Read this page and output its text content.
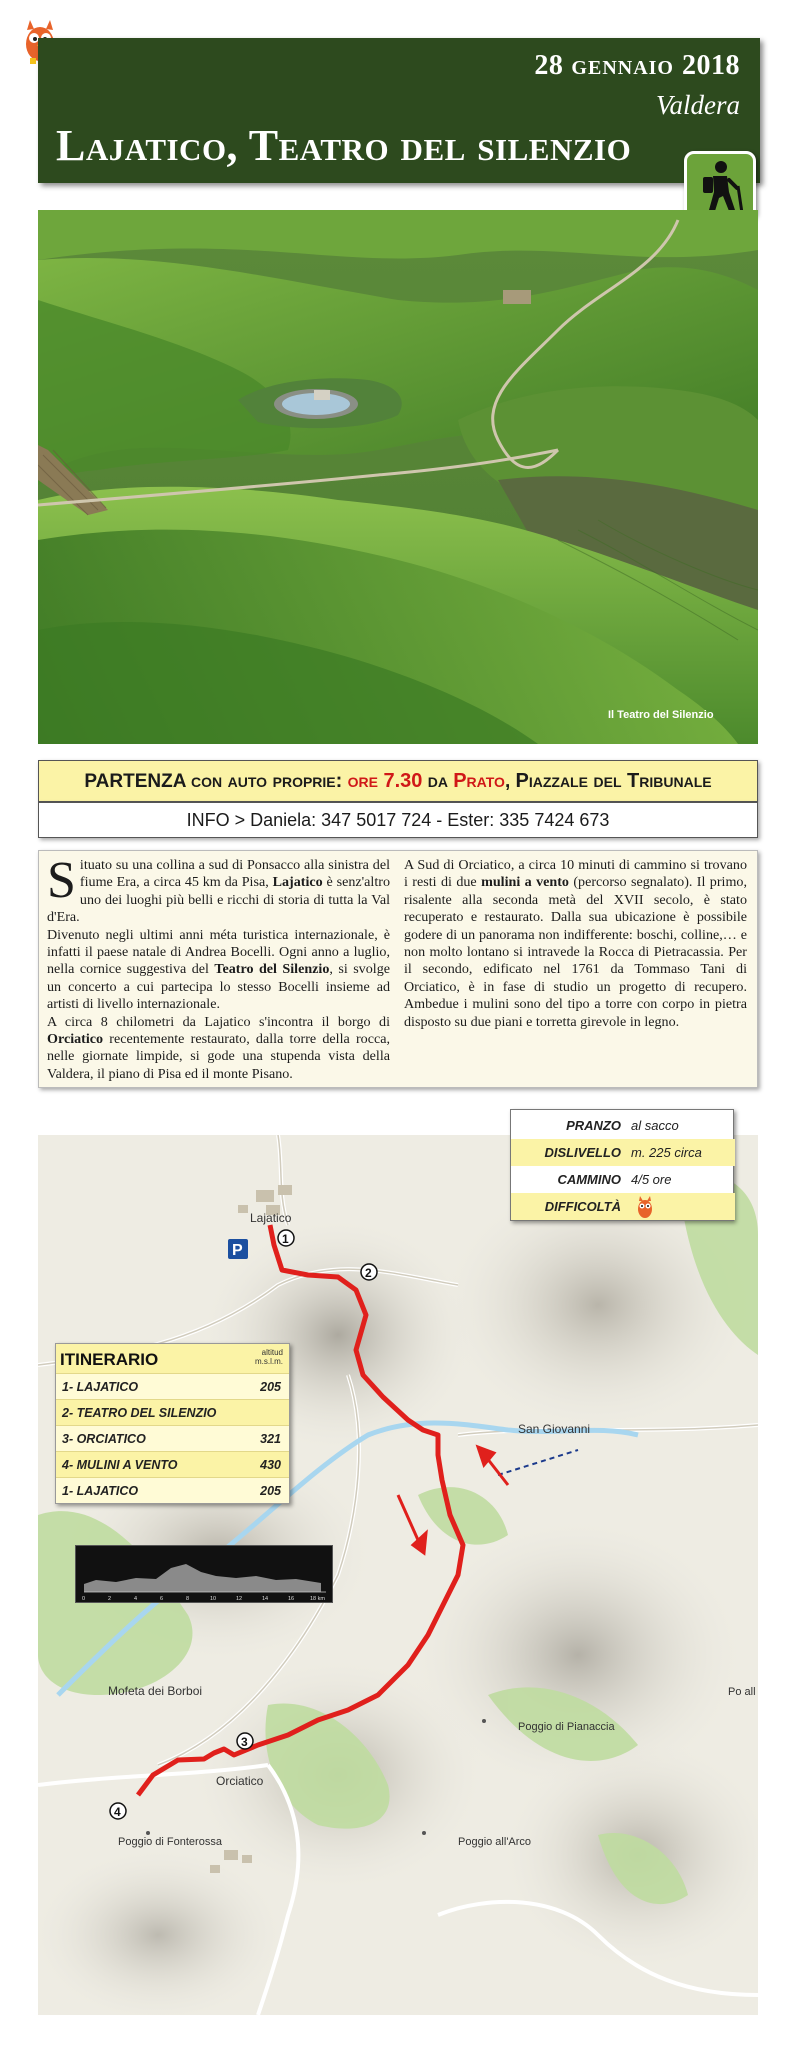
28 GENNAIO 2018
Valdera
Lajatico, Teatro del silenzio
Il Teatro del Silenzio
PARTENZA con auto proprie: ore 7.30 da Prato, Piazzale del Tribunale
INFO > Daniela: 347 5017 724 - Ester: 335 7424 673
Situato su una collina a sud di Ponsacco alla sinistra del fiume Era, a circa 45 km da Pisa, Lajatico è senz'altro uno dei luoghi più belli e ricchi di storia di tutta la Val d'Era.
Divenuto negli ultimi anni méta turistica internazionale, è infatti il paese natale di Andrea Bocelli. Ogni anno a luglio, nella cornice suggestiva del Teatro del Silenzio, si svolge un concerto a cui partecipa lo stesso Bocelli insieme ad artisti di livello internazionale.
A circa 8 chilometri da Lajatico s'incontra il borgo di Orciatico recentemente restaurato, dalla torre della rocca, nelle giornate limpide, si gode una stupenda vista della Valdera, il piano di Pisa ed il monte Pisano.
A Sud di Orciatico, a circa 10 minuti di cammino si trovano i resti di due mulini a vento (percorso segnalato). Il primo, risalente alla seconda metà del XVII secolo, è stato recuperato e restaurato. Dalla sua ubicazione è possibile godere di un panorama non indifferente: boschi, colline,… e non molto lontano si intravede la Rocca di Pietracassia. Per il secondo, edificato nel 1761 da Tommaso Tani di Orciatico, è in fase di studio un progetto di recupero. Ambedue i mulini sono del tipo a torre con corpo in pietra disposto su due piani e torretta girevole in legno.
Lajatico
San Giovanni
Mofeta dei Borboi
Orciatico
Poggio di Pianaccia
Poggio all'Arco
Poggio di Fonterossa
Po all
1
2
3
4
P
PRANZO al sacco
DISLIVELLO m. 225 circa
CAMMINO 4/5 ore
DIFFICOLTÀ
ITINERARIO	altitud m.s.l.m.
1- LAJATICO	205
2- TEATRO DEL SILENZIO
3- ORCIATICO	321
4- MULINI A VENTO	430
1- LAJATICO	205
0	2	4	6	8	10	12	14	16	18 km
